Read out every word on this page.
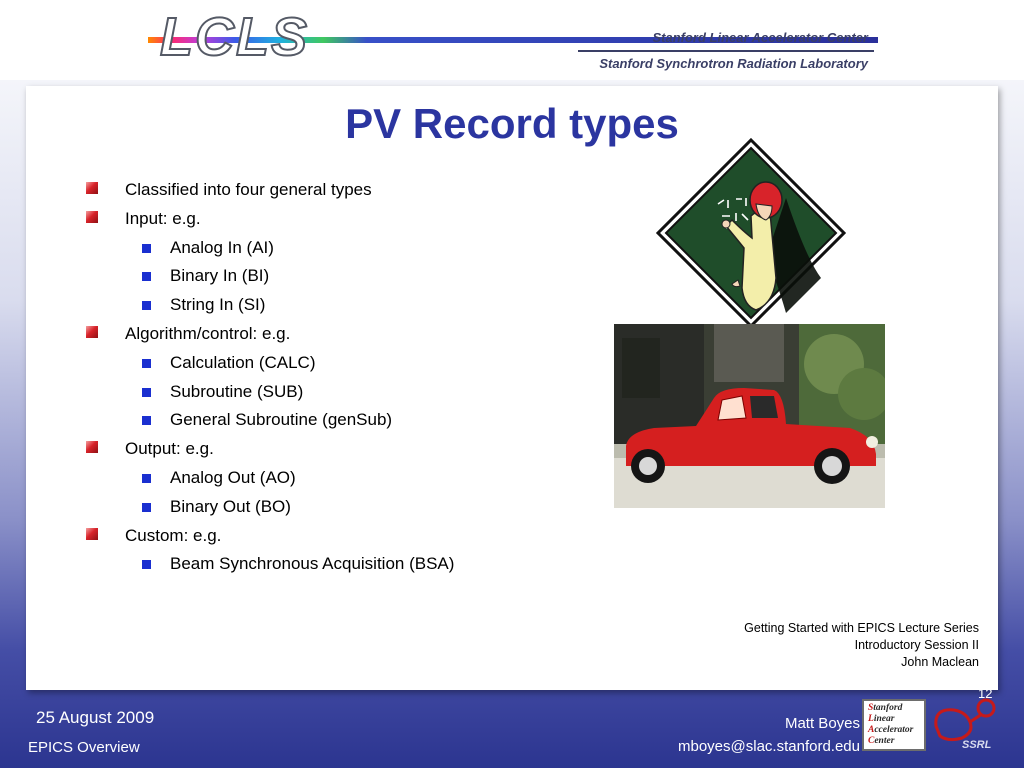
LCLS	Stanford Linear Accelerator Center
Stanford Synchrotron Radiation Laboratory
PV Record types
Classified into four general types
Input: e.g.
Analog In (AI)
Binary In (BI)
String In (SI)
Algorithm/control: e.g.
Calculation (CALC)
Subroutine (SUB)
General Subroutine (genSub)
Output: e.g.
Analog Out (AO)
Binary Out (BO)
Custom: e.g.
Beam Synchronous Acquisition (BSA)
Getting Started with EPICS Lecture Series
Introductory Session II
John Maclean
25 August 2009
EPICS Overview
Matt Boyes
mboyes@slac.stanford.edu
12
Stanford
Linear
Accelerator
Center	SSRL
